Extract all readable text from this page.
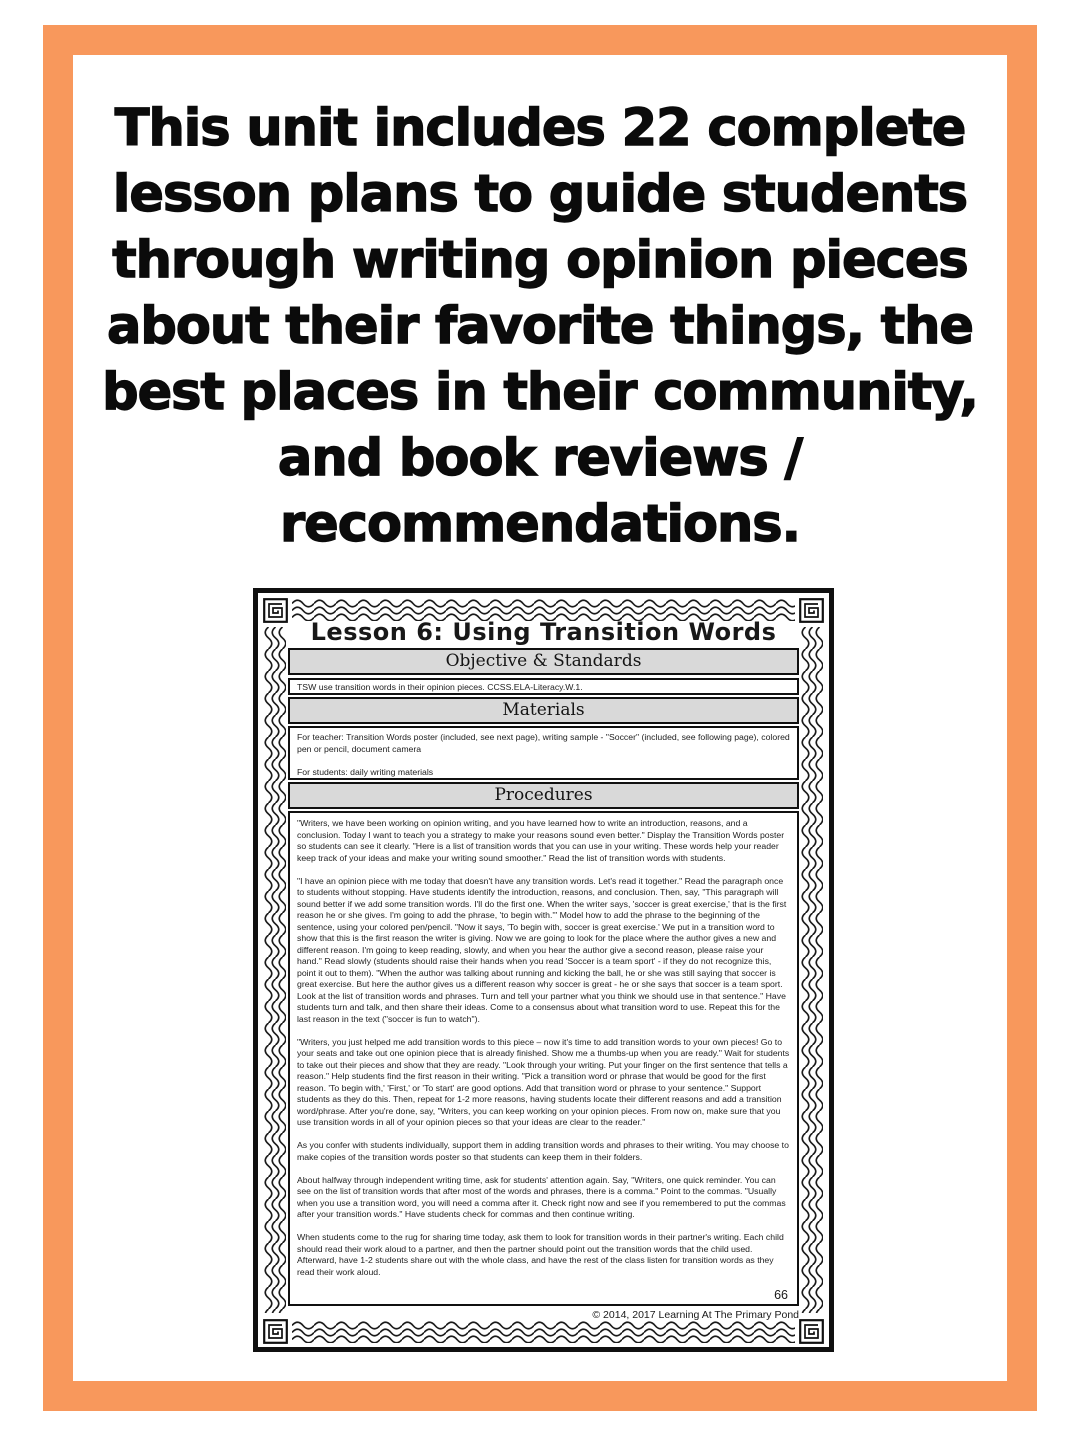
This unit includes 22 complete
lesson plans to guide students
through writing opinion pieces
about their favorite things, the
best places in their community,
and book reviews /
recommendations.
Lesson 6: Using Transition Words
Objective & Standards

TSW use transition words in their opinion pieces. CCSS.ELA-Literacy.W.1.

Materials

For teacher: Transition Words poster (included, see next page), writing sample - "Soccer" (included, see following page), colored pen or pencil, document camera

For students: daily writing materials

Procedures

"Writers, we have been working on opinion writing, and you have learned how to write an introduction, reasons, and a conclusion. Today I want to teach you a strategy to make your reasons sound even better." Display the Transition Words poster so students can see it clearly. "Here is a list of transition words that you can use in your writing. These words help your reader keep track of your ideas and make your writing sound smoother." Read the list of transition words with students.

"I have an opinion piece with me today that doesn't have any transition words. Let's read it together." Read the paragraph once to students without stopping. Have students identify the introduction, reasons, and conclusion. Then, say, "This paragraph will sound better if we add some transition words. I'll do the first one. When the writer says, 'soccer is great exercise,' that is the first reason he or she gives. I'm going to add the phrase, 'to begin with.'" Model how to add the phrase to the beginning of the sentence, using your colored pen/pencil. "Now it says, 'To begin with, soccer is great exercise.' We put in a transition word to show that this is the first reason the writer is giving. Now we are going to look for the place where the author gives a new and different reason. I'm going to keep reading, slowly, and when you hear the author give a second reason, please raise your hand." Read slowly (students should raise their hands when you read 'Soccer is a team sport' - if they do not recognize this, point it out to them). "When the author was talking about running and kicking the ball, he or she was still saying that soccer is great exercise. But here the author gives us a different reason why soccer is great - he or she says that soccer is a team sport. Look at the list of transition words and phrases. Turn and tell your partner what you think we should use in that sentence." Have students turn and talk, and then share their ideas. Come to a consensus about what transition word to use. Repeat this for the last reason in the text ("soccer is fun to watch").

"Writers, you just helped me add transition words to this piece – now it's time to add transition words to your own pieces! Go to your seats and take out one opinion piece that is already finished. Show me a thumbs-up when you are ready." Wait for students to take out their pieces and show that they are ready. "Look through your writing. Put your finger on the first sentence that tells a reason." Help students find the first reason in their writing. "Pick a transition word or phrase that would be good for the first reason. 'To begin with,' 'First,' or 'To start' are good options. Add that transition word or phrase to your sentence." Support students as they do this. Then, repeat for 1-2 more reasons, having students locate their different reasons and add a transition word/phrase. After you're done, say, "Writers, you can keep working on your opinion pieces. From now on, make sure that you use transition words in all of your opinion pieces so that your ideas are clear to the reader."

As you confer with students individually, support them in adding transition words and phrases to their writing. You may choose to make copies of the transition words poster so that students can keep them in their folders.

About halfway through independent writing time, ask for students' attention again. Say, "Writers, one quick reminder. You can see on the list of transition words that after most of the words and phrases, there is a comma." Point to the commas. "Usually when you use a transition word, you will need a comma after it. Check right now and see if you remembered to put the commas after your transition words." Have students check for commas and then continue writing.

When students come to the rug for sharing time today, ask them to look for transition words in their partner's writing. Each child should read their work aloud to a partner, and then the partner should point out the transition words that the child used. Afterward, have 1-2 students share out with the whole class, and have the rest of the class listen for transition words as they read their work aloud.

66
© 2014, 2017 Learning At The Primary Pond
